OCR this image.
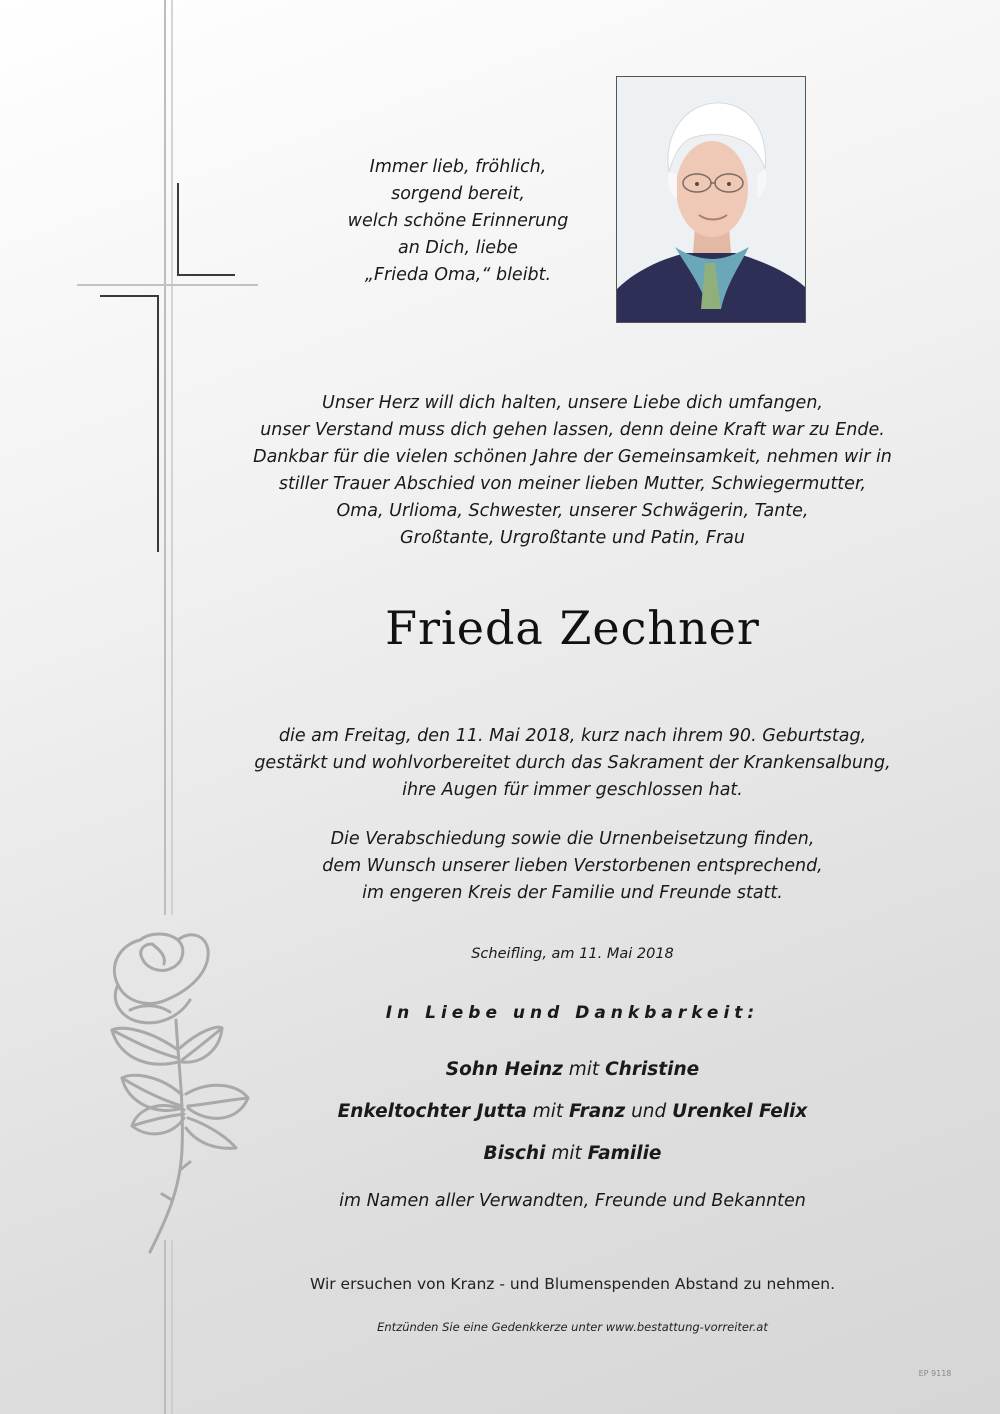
Immer lieb, fröhlich,
sorgend bereit,
welch schöne Erinnerung
an Dich, liebe
„Frieda Oma,“ bleibt.

Unser Herz will dich halten, unsere Liebe dich umfangen,
unser Verstand muss dich gehen lassen, denn deine Kraft war zu Ende.
Dankbar für die vielen schönen Jahre der Gemeinsamkeit, nehmen wir in
stiller Trauer Abschied von meiner lieben Mutter, Schwiegermutter,
Oma, Urlioma, Schwester, unserer Schwägerin, Tante,
Großtante, Urgroßtante und Patin, Frau

Frieda Zechner

die am Freitag, den 11. Mai 2018, kurz nach ihrem 90. Geburtstag,
gestärkt und wohlvorbereitet durch das Sakrament der Krankensalbung,
ihre Augen für immer geschlossen hat.

Die Verabschiedung sowie die Urnenbeisetzung finden,
dem Wunsch unserer lieben Verstorbenen entsprechend,
im engeren Kreis der Familie und Freunde statt.

Scheifling, am 11. Mai 2018

In Liebe und Dankbarkeit:

Sohn Heinz mit Christine
Enkeltochter Jutta mit Franz und Urenkel Felix
Bischi mit Familie

im Namen aller Verwandten, Freunde und Bekannten

Wir ersuchen von Kranz - und Blumenspenden Abstand zu nehmen.

Entzünden Sie eine Gedenkkerze unter www.bestattung-vorreiter.at

EP 9118
